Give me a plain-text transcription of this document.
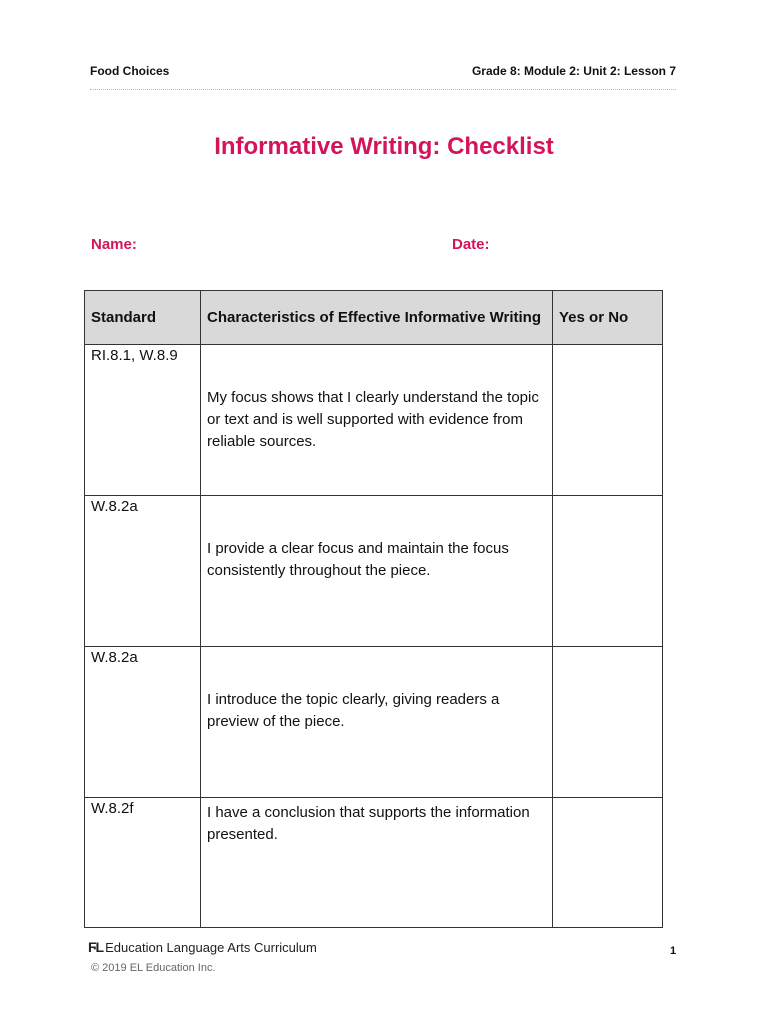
Food Choices	Grade 8: Module 2: Unit 2: Lesson 7
Informative Writing: Checklist
Name:	Date:
Standard	Characteristics of Effective Informative Writing	Yes or No
RI.8.1, W.8.9	My focus shows that I clearly understand the topic or text and is well supported with evidence from reliable sources.	

W.8.2a	I provide a clear focus and maintain the focus consistently throughout the piece.	

W.8.2a	I introduce the topic clearly, giving readers a preview of the piece.	

W.8.2f	I have a conclusion that supports the information presented.	

ϜL Education Language Arts Curriculum
© 2019 EL Education Inc.
1
